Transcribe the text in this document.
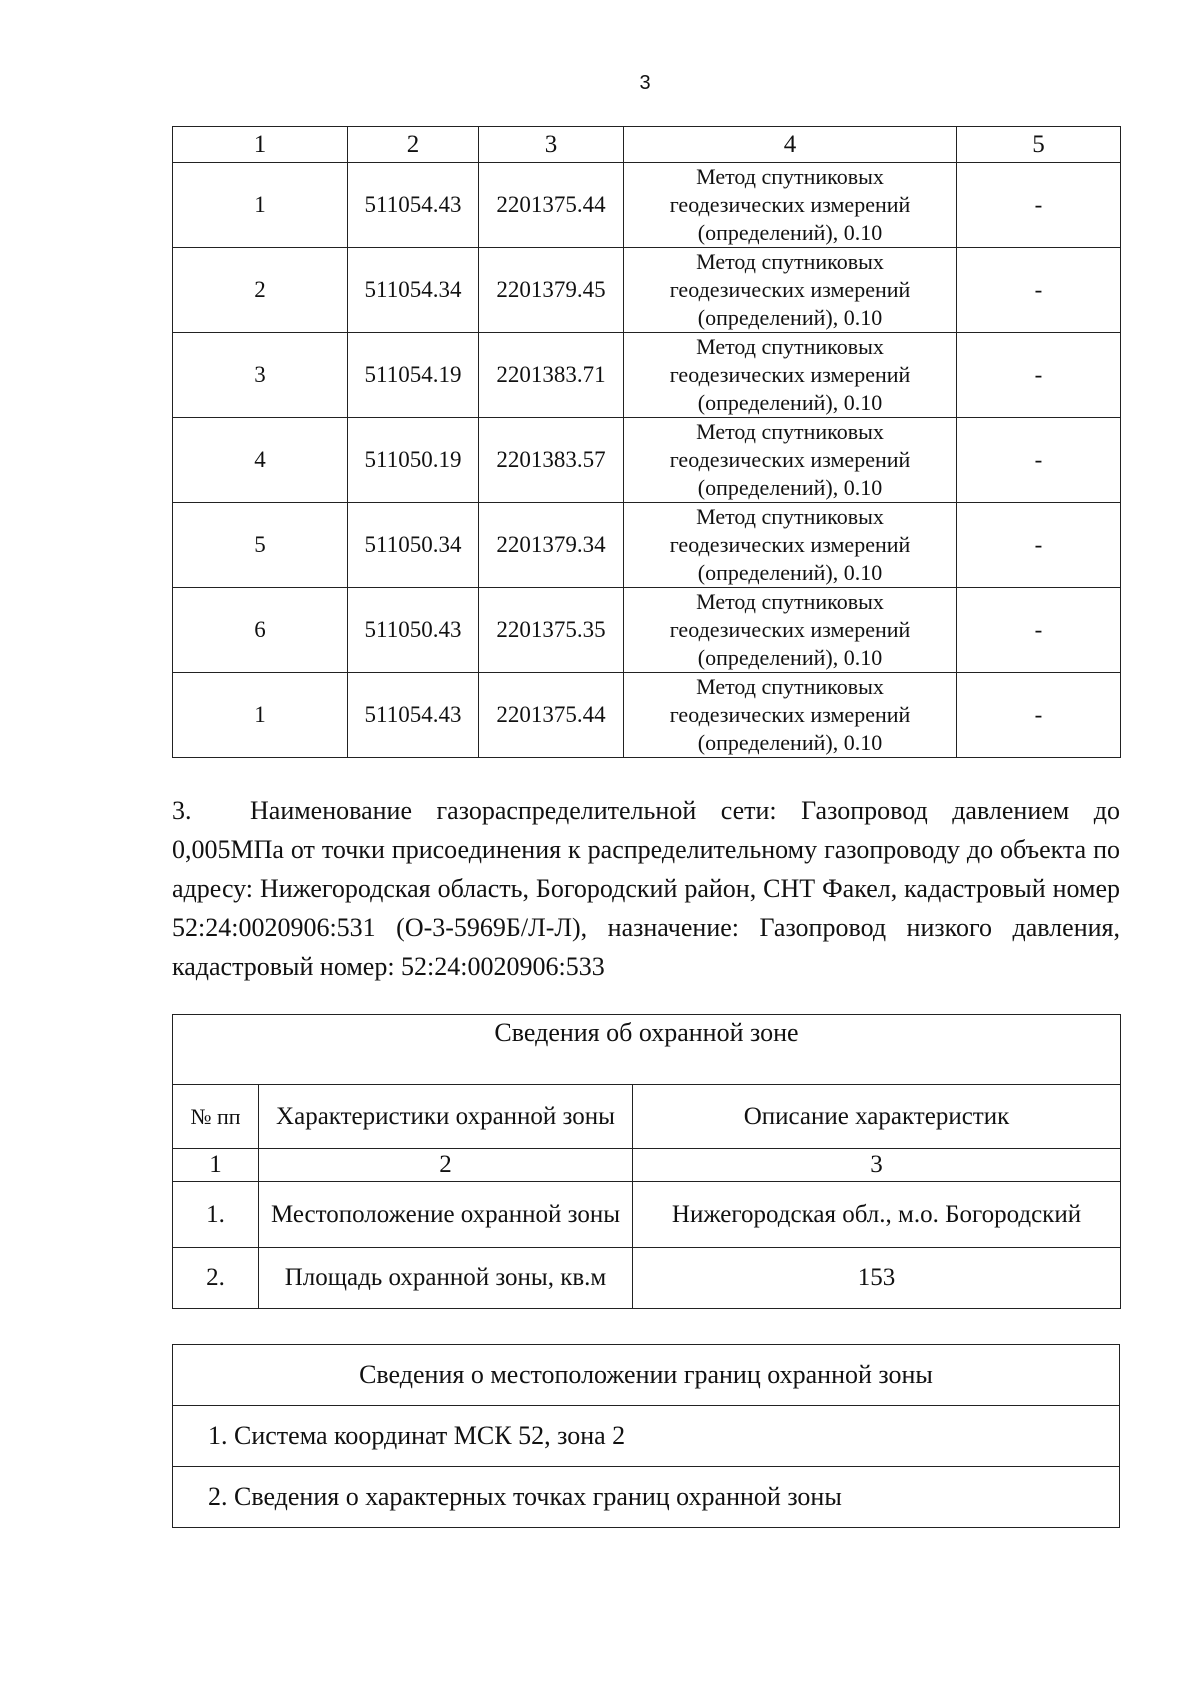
3
1	2	3	4	5
1	511054.43	2201375.44	Метод спутниковых
геодезических измерений
(определений), 0.10	-
2	511054.34	2201379.45	Метод спутниковых
геодезических измерений
(определений), 0.10	-
3	511054.19	2201383.71	Метод спутниковых
геодезических измерений
(определений), 0.10	-
4	511050.19	2201383.57	Метод спутниковых
геодезических измерений
(определений), 0.10	-
5	511050.34	2201379.34	Метод спутниковых
геодезических измерений
(определений), 0.10	-
6	511050.43	2201375.35	Метод спутниковых
геодезических измерений
(определений), 0.10	-
1	511054.43	2201375.44	Метод спутниковых
геодезических измерений
(определений), 0.10	-

3. Наименование газораспределительной сети: Газопровод давлением до 0,005МПа от точки присоединения к распределительному газопроводу до объекта по адресу: Нижегородская область, Богородский район, СНТ Факел, кадастровый номер 52:24:0020906:531 (О-3-5969Б/Л-Л), назначение: Газопровод низкого давления, кадастровый номер: 52:24:0020906:533

Сведения об охранной зоне		
№ пп	Характеристики охранной зоны	Описание характеристик
1	2	3
1.	Местоположение охранной зоны	Нижегородская обл., м.о. Богородский
2.	Площадь охранной зоны, кв.м	153
Сведения о местоположении границ охранной зоны
1. Система координат МСК 52, зона 2
2. Сведения о характерных точках границ охранной зоны
